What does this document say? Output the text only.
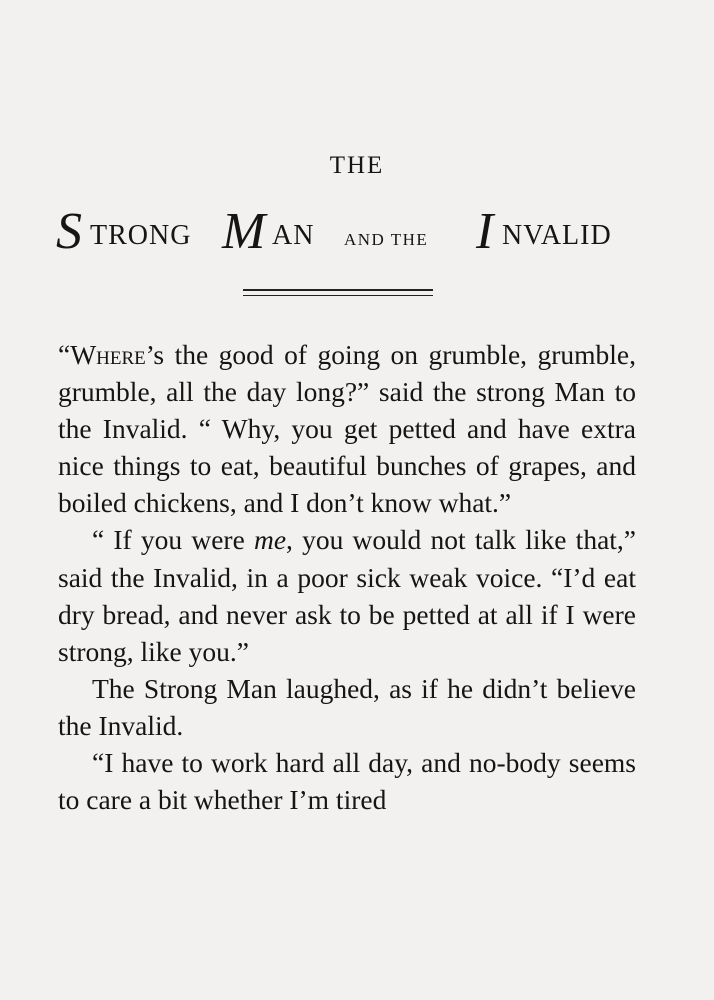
THE
S TRONG M AN AND THE I NVALID

“Where’s the good of going on grumble, grumble, grumble, all the day long?” said the strong Man to the Invalid. “ Why, you get petted and have extra nice things to eat, beautiful bunches of grapes, and boiled chickens, and I don’t know what.”

“ If you were me, you would not talk like that,” said the Invalid, in a poor sick weak voice. “I’d eat dry bread, and never ask to be petted at all if I were strong, like you.”

The Strong Man laughed, as if he didn’t believe the Invalid.

“I have to work hard all day, and no-body seems to care a bit whether I’m tired
